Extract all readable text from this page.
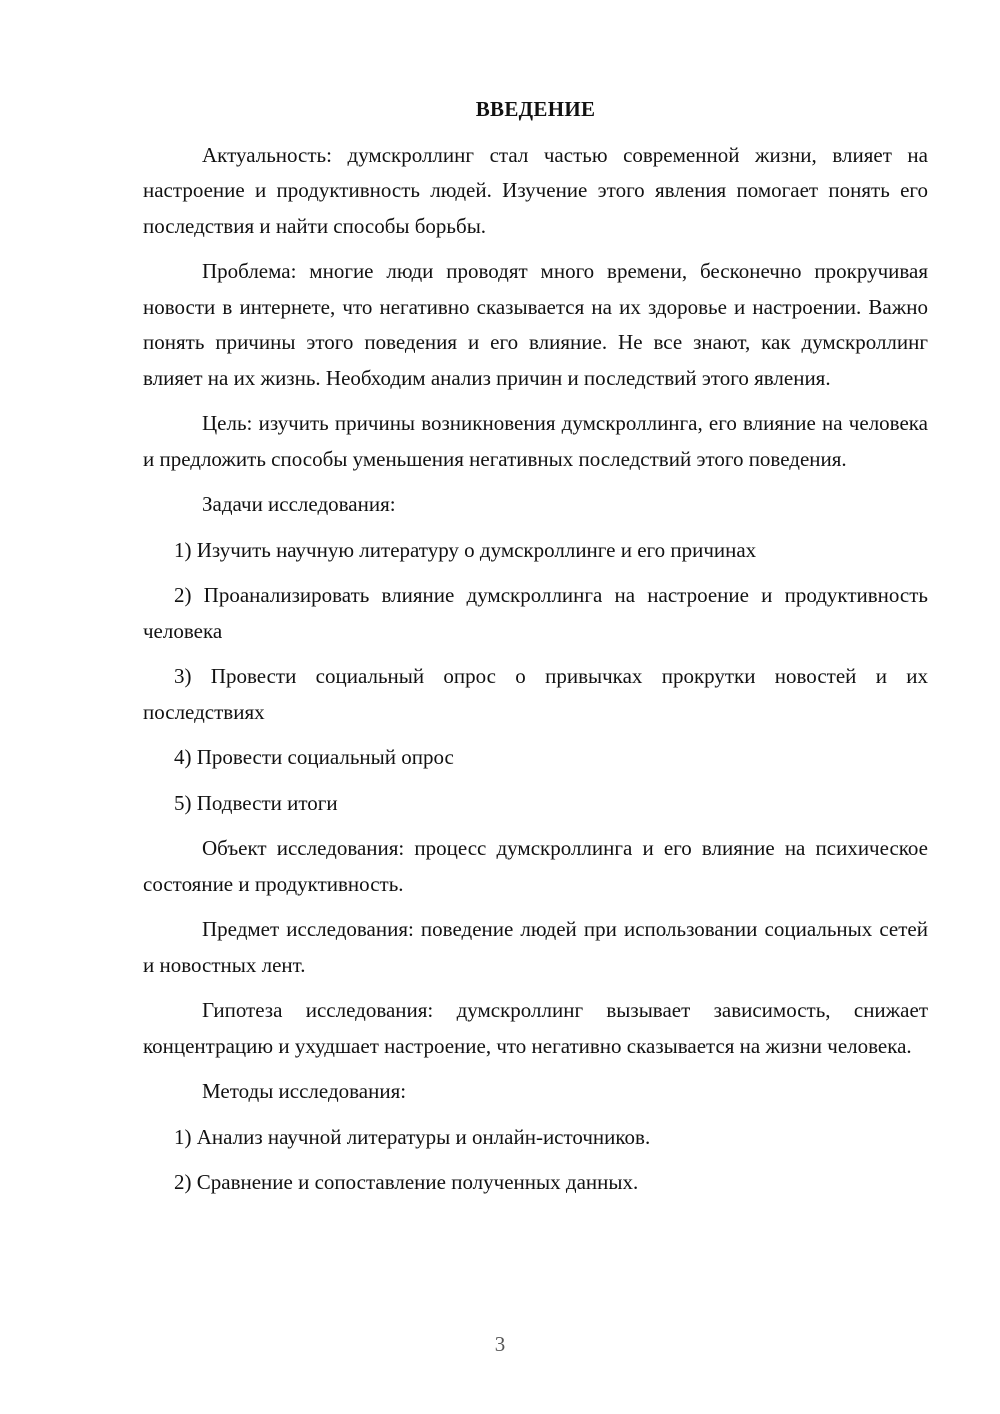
ВВЕДЕНИЕ

Актуальность: думскроллинг стал частью современной жизни, влияет на настроение и продуктивность людей. Изучение этого явления помогает понять его последствия и найти способы борьбы.

Проблема: многие люди проводят много времени, бесконечно прокручивая новости в интернете, что негативно сказывается на их здоровье и настроении. Важно понять причины этого поведения и его влияние. Не все знают, как думскроллинг влияет на их жизнь. Необходим анализ причин и последствий этого явления.

Цель: изучить причины возникновения думскроллинга, его влияние на человека и предложить способы уменьшения негативных последствий этого поведения.

Задачи исследования:

1) Изучить научную литературу о думскроллинге и его причинах

2) Проанализировать влияние думскроллинга на настроение и продуктивность человека

3) Провести социальный опрос о привычках прокрутки новостей и их последствиях

4) Провести социальный опрос

5) Подвести итоги

Объект исследования: процесс думскроллинга и его влияние на психическое состояние и продуктивность.

Предмет исследования: поведение людей при использовании социальных сетей и новостных лент.

Гипотеза исследования: думскроллинг вызывает зависимость, снижает концентрацию и ухудшает настроение, что негативно сказывается на жизни человека.

Методы исследования:

1) Анализ научной литературы и онлайн-источников.

2) Сравнение и сопоставление полученных данных.

3
